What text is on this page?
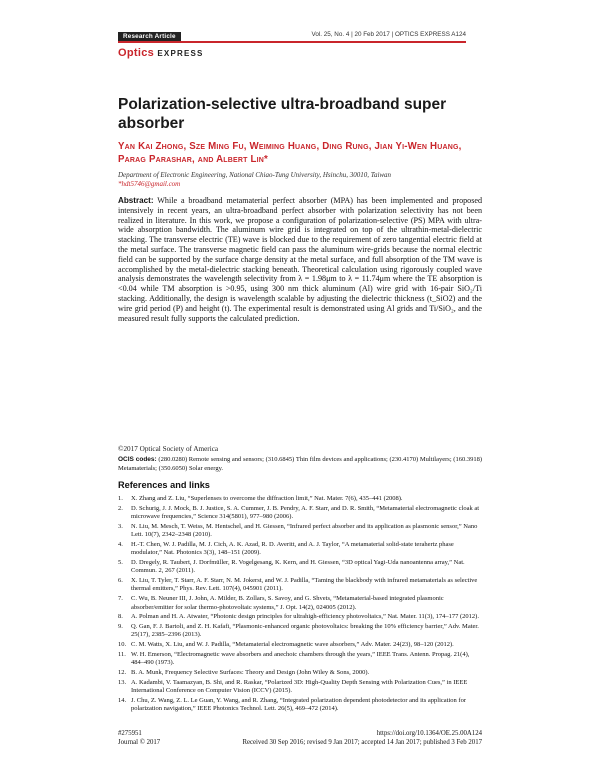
Research Article	Vol. 25, No. 4 | 20 Feb 2017 | OPTICS EXPRESS A124
Optics EXPRESS
Polarization-selective ultra-broadband super absorber
Yan Kai Zhong, Sze Ming Fu, Weiming Huang, Ding Rung, Jian Yi-Wen Huang, Parag Parashar, and Albert Lin*
Department of Electronic Engineering, National Chiao-Tung University, Hsinchu, 30010, Taiwan
*hdt5746@gmail.com
Abstract: While a broadband metamaterial perfect absorber (MPA) has been implemented and proposed intensively in recent years, an ultra-broadband perfect absorber with polarization selectivity has not been realized in literature. In this work, we propose a configuration of polarization-selective (PS) MPA with ultra-wide absorption bandwidth. The aluminum wire grid is integrated on top of the ultrathin-metal-dielectric stacking. The transverse electric (TE) wave is blocked due to the requirement of zero tangential electric field at the metal surface. The transverse magnetic field can pass the aluminum wire-grids because the normal electric field can be supported by the surface charge density at the metal surface, and full absorption of the TM wave is accomplished by the metal-dielectric stacking beneath. Theoretical calculation using rigorously coupled wave analysis demonstrates the wavelength selectivity from λ = 1.98μm to λ = 11.74μm where the TE absorption is <0.04 while TM absorption is >0.95, using 300 nm thick aluminum (Al) wire grid with 16-pair SiO₂/Ti stacking. Additionally, the design is wavelength scalable by adjusting the dielectric thickness (t_SiO2) and the wire grid period (P) and height (t). The experimental result is demonstrated using Al grids and Ti/SiO₂, and the measured result fully supports the calculated prediction.
©2017 Optical Society of America
OCIS codes: (280.0280) Remote sensing and sensors; (310.6845) Thin film devices and applications; (230.4170) Multilayers; (160.3918) Metamaterials; (350.6050) Solar energy.
References and links
1. X. Zhang and Z. Liu, “Superlenses to overcome the diffraction limit,” Nat. Mater. 7(6), 435–441 (2008).
2. D. Schurig, J. J. Mock, B. J. Justice, S. A. Cummer, J. B. Pendry, A. F. Starr, and D. R. Smith, “Metamaterial electromagnetic cloak at microwave frequencies,” Science 314(5801), 977–980 (2006).
3. N. Liu, M. Mesch, T. Weiss, M. Hentschel, and H. Giessen, “Infrared perfect absorber and its application as plasmonic sensor,” Nano Lett. 10(7), 2342–2348 (2010).
4. H.-T. Chen, W. J. Padilla, M. J. Cich, A. K. Azad, R. D. Averitt, and A. J. Taylor, “A metamaterial solid-state terahertz phase modulator,” Nat. Photonics 3(3), 148–151 (2009).
5. D. Dregely, R. Taubert, J. Dorfmüller, R. Vogelgesang, K. Kern, and H. Giessen, “3D optical Yagi-Uda nanoantenna array,” Nat. Commun. 2, 267 (2011).
6. X. Liu, T. Tyler, T. Starr, A. F. Starr, N. M. Jokerst, and W. J. Padilla, “Taming the blackbody with infrared metamaterials as selective thermal emitters,” Phys. Rev. Lett. 107(4), 045901 (2011).
7. C. Wu, B. Neuner III, J. John, A. Milder, B. Zollars, S. Savoy, and G. Shvets, “Metamaterial-based integrated plasmonic absorber/emitter for solar thermo-photovoltaic systems,” J. Opt. 14(2), 024005 (2012).
8. A. Polman and H. A. Atwater, “Photonic design principles for ultrahigh-efficiency photovoltaics,” Nat. Mater. 11(3), 174–177 (2012).
9. Q. Gan, F. J. Bartoli, and Z. H. Kafafi, “Plasmonic-enhanced organic photovoltaics: breaking the 10% efficiency barrier,” Adv. Mater. 25(17), 2385–2396 (2013).
10. C. M. Watts, X. Liu, and W. J. Padilla, “Metamaterial electromagnetic wave absorbers,” Adv. Mater. 24(23), 98–120 (2012).
11. W. H. Emerson, “Electromagnetic wave absorbers and anechoic chambers through the years,” IEEE Trans. Antenn. Propag. 21(4), 484–490 (1973).
12. B. A. Munk, Frequency Selective Surfaces: Theory and Design (John Wiley & Sons, 2000).
13. A. Kadambi, V. Taamazyan, B. Shi, and R. Raskar, “Polarized 3D: High-Quality Depth Sensing with Polarization Cues,” in IEEE International Conference on Computer Vision (ICCV) (2015).
14. J. Chu, Z. Wang, Z. L. Le Guan, Y. Wang, and R. Zhang, “Integrated polarization dependent photodetector and its application for polarization navigation,” IEEE Photonics Technol. Lett. 26(5), 469–472 (2014).
#275951
Journal © 2017
https://doi.org/10.1364/OE.25.00A124
Received 30 Sep 2016; revised 9 Jan 2017; accepted 14 Jan 2017; published 3 Feb 2017
